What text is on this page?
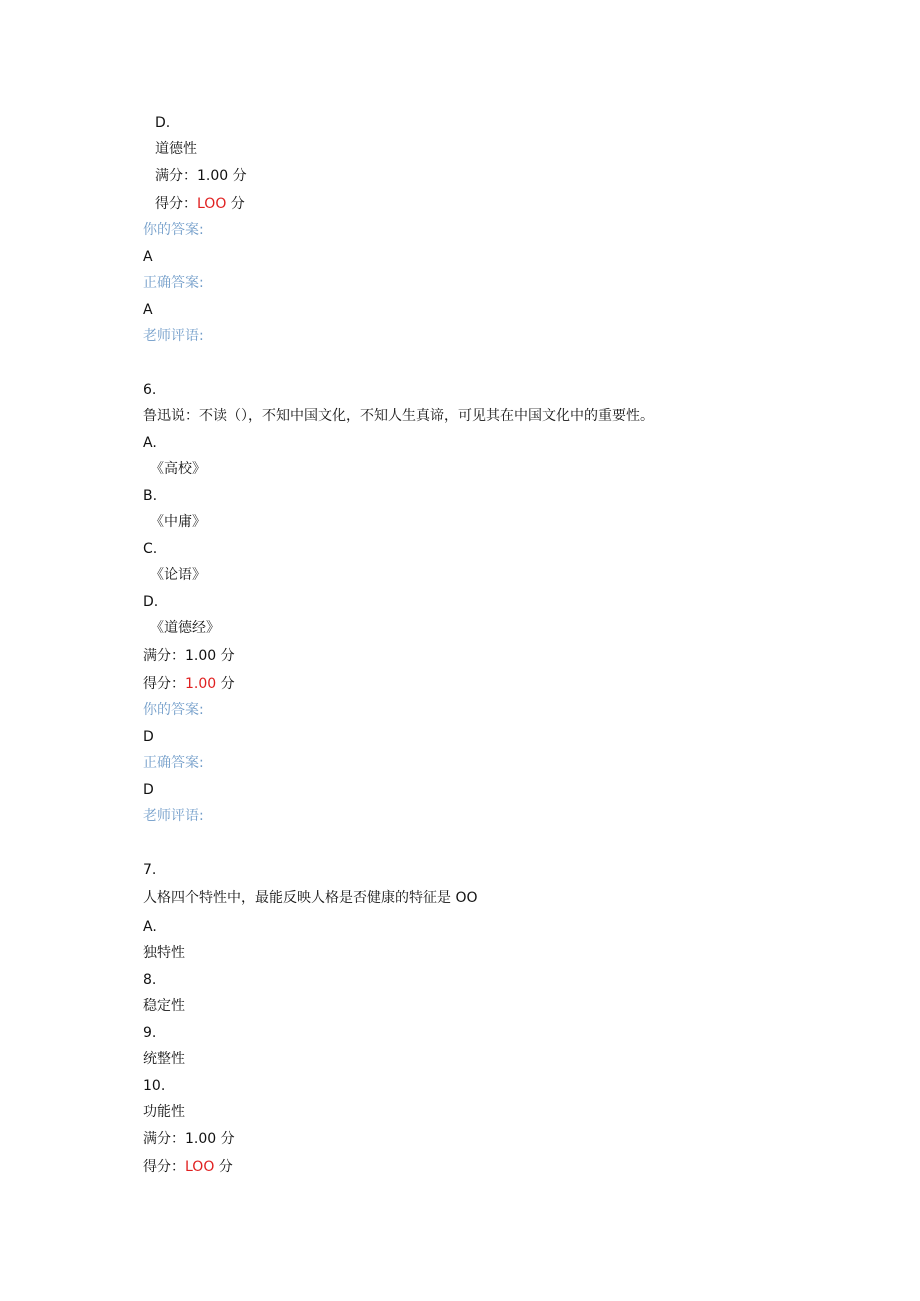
D.
道德性
满分：1.00 分
得分：LOO 分
你的答案:
A
正确答案:
A
老师评语:
6.
鲁迅说：不读（），不知中国文化，不知人生真谛，可见其在中国文化中的重要性。
A.
《高校》
B.
《中庸》
C.
《论语》
D.
《道德经》
满分：1.00 分
得分：1.00 分
你的答案:
D
正确答案:
D
老师评语:
7.
人格四个特性中，最能反映人格是否健康的特征是 OO
A.
独特性
8.
稳定性
9.
统整性
10.
功能性
满分：1.00 分
得分：LOO 分
